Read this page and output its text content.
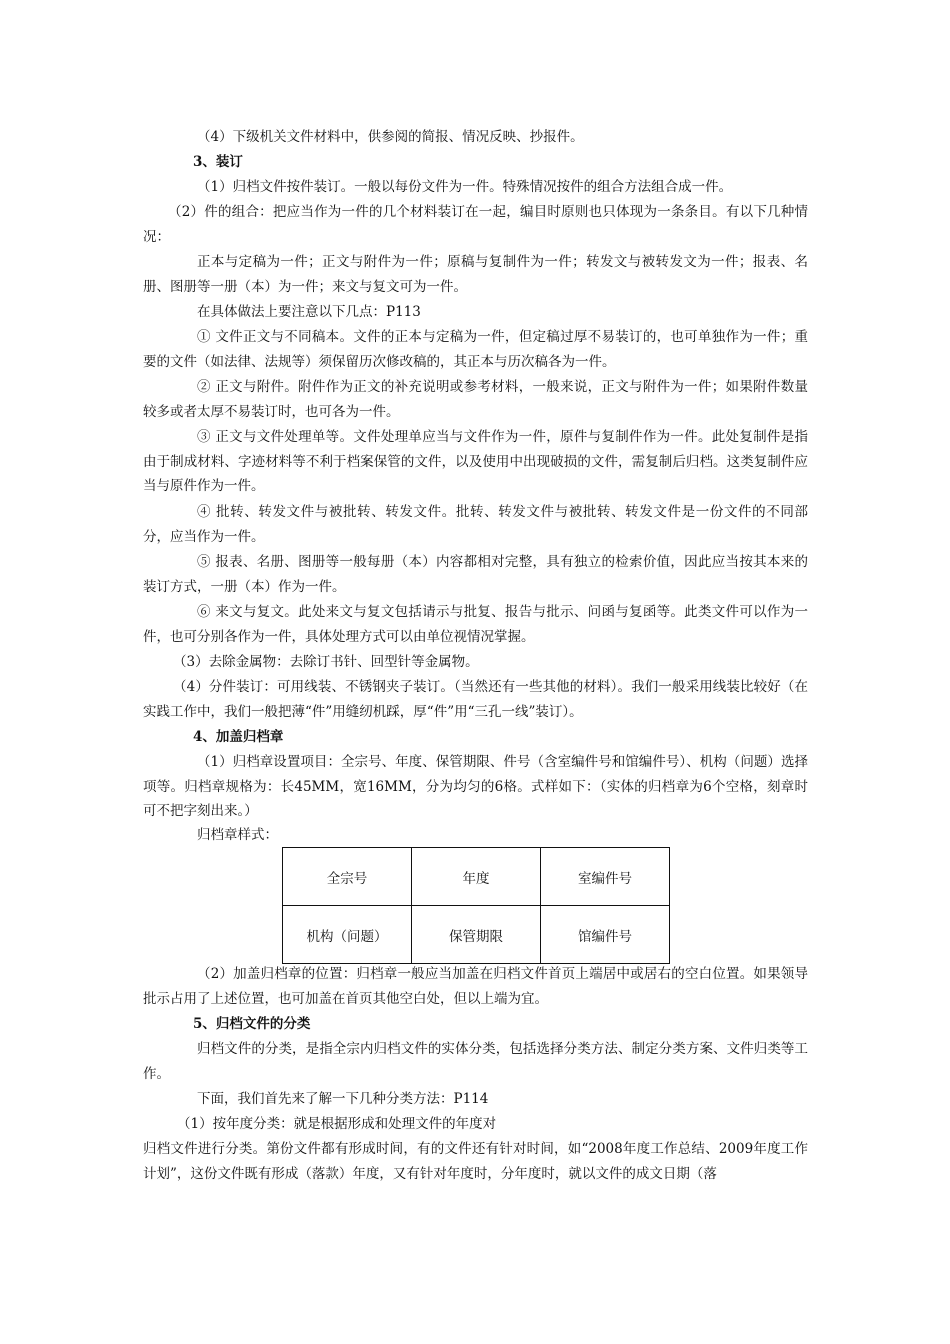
（4）下级机关文件材料中，供参阅的简报、情况反映、抄报件。

3、装订

（1）归档文件按件装订。一般以每份文件为一件。特殊情况按件的组合方法组合成一件。

（2）件的组合：把应当作为一件的几个材料装订在一起，编目时原则也只体现为一条条目。有以下几种情况：

正本与定稿为一件；正文与附件为一件；原稿与复制件为一件；转发文与被转发文为一件；报表、名册、图册等一册（本）为一件；来文与复文可为一件。

在具体做法上要注意以下几点：P113

① 文件正文与不同稿本。文件的正本与定稿为一件，但定稿过厚不易装订的，也可单独作为一件；重要的文件（如法律、法规等）须保留历次修改稿的，其正本与历次稿各为一件。

② 正文与附件。附件作为正文的补充说明或参考材料，一般来说，正文与附件为一件；如果附件数量较多或者太厚不易装订时，也可各为一件。

③ 正文与文件处理单等。文件处理单应当与文件作为一件，原件与复制件作为一件。此处复制件是指由于制成材料、字迹材料等不利于档案保管的文件，以及使用中出现破损的文件，需复制后归档。这类复制件应当与原件作为一件。

④ 批转、转发文件与被批转、转发文件。批转、转发文件与被批转、转发文件是一份文件的不同部分，应当作为一件。

⑤ 报表、名册、图册等一般每册（本）内容都相对完整，具有独立的检索价值，因此应当按其本来的装订方式，一册（本）作为一件。

⑥ 来文与复文。此处来文与复文包括请示与批复、报告与批示、问函与复函等。此类文件可以作为一件，也可分别各作为一件，具体处理方式可以由单位视情况掌握。

（3）去除金属物：去除订书针、回型针等金属物。

（4）分件装订：可用线装、不锈钢夹子装订。（当然还有一些其他的材料）。我们一般采用线装比较好（在实践工作中，我们一般把薄“件”用缝纫机踩，厚“件”用“三孔一线”装订）。

4、加盖归档章

（1）归档章设置项目：全宗号、年度、保管期限、件号（含室编件号和馆编件号）、机构（问题）选择项等。归档章规格为：长45MM，宽16MM，分为均匀的6格。式样如下：（实体的归档章为6个空格，刻章时可不把字刻出来。）

归档章样式：

全宗号	年度	室编件号
机构（问题）	保管期限	馆编件号

（2）加盖归档章的位置：归档章一般应当加盖在归档文件首页上端居中或居右的空白位置。如果领导批示占用了上述位置，也可加盖在首页其他空白处，但以上端为宜。

5、归档文件的分类

归档文件的分类，是指全宗内归档文件的实体分类，包括选择分类方法、制定分类方案、文件归类等工作。

下面，我们首先来了解一下几种分类方法：P114

（1）按年度分类：就是根据形成和处理文件的年度对

归档文件进行分类。第份文件都有形成时间，有的文件还有针对时间，如“2008年度工作总结、2009年度工作计划”，这份文件既有形成（落款）年度，又有针对年度时，分年度时，就以文件的成文日期（落
